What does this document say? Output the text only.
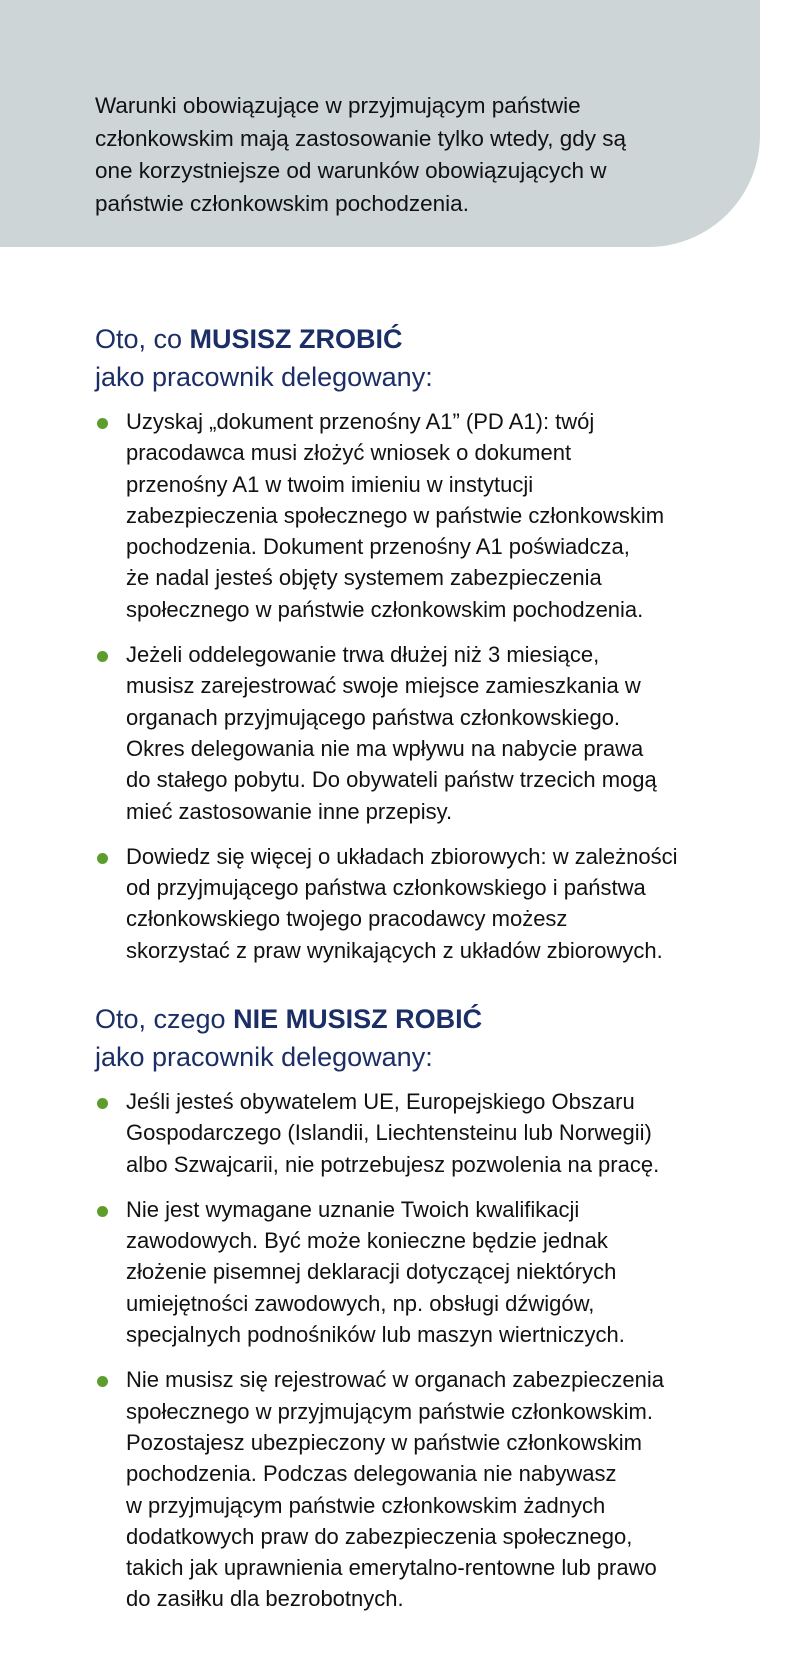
Warunki obowiązujące w przyjmującym państwie
członkowskim mają zastosowanie tylko wtedy, gdy są
one korzystniejsze od warunków obowiązujących w
państwie członkowskim pochodzenia.

Oto, co MUSISZ ZROBIĆ
jako pracownik delegowany:
Uzyskaj „dokument przenośny A1” (PD A1): twój
pracodawca musi złożyć wniosek o dokument
przenośny A1 w twoim imieniu w instytucji
zabezpieczenia społecznego w państwie członkowskim
pochodzenia. Dokument przenośny A1 poświadcza,
że nadal jesteś objęty systemem zabezpieczenia
społecznego w państwie członkowskim pochodzenia.
Jeżeli oddelegowanie trwa dłużej niż 3 miesiące,
musisz zarejestrować swoje miejsce zamieszkania w
organach przyjmującego państwa członkowskiego.
Okres delegowania nie ma wpływu na nabycie prawa
do stałego pobytu. Do obywateli państw trzecich mogą
mieć zastosowanie inne przepisy.
Dowiedz się więcej o układach zbiorowych: w zależności
od przyjmującego państwa członkowskiego i państwa
członkowskiego twojego pracodawcy możesz
skorzystać z praw wynikających z układów zbiorowych.
Oto, czego NIE MUSISZ ROBIĆ
jako pracownik delegowany:
Jeśli jesteś obywatelem UE, Europejskiego Obszaru
Gospodarczego (Islandii, Liechtensteinu lub Norwegii)
albo Szwajcarii, nie potrzebujesz pozwolenia na pracę.
Nie jest wymagane uznanie Twoich kwalifikacji
zawodowych. Być może konieczne będzie jednak
złożenie pisemnej deklaracji dotyczącej niektórych
umiejętności zawodowych, np. obsługi dźwigów,
specjalnych podnośników lub maszyn wiertniczych.
Nie musisz się rejestrować w organach zabezpieczenia
społecznego w przyjmującym państwie członkowskim.
Pozostajesz ubezpieczony w państwie członkowskim
pochodzenia. Podczas delegowania nie nabywasz
w przyjmującym państwie członkowskim żadnych
dodatkowych praw do zabezpieczenia społecznego,
takich jak uprawnienia emerytalno-rentowne lub prawo
do zasiłku dla bezrobotnych.
